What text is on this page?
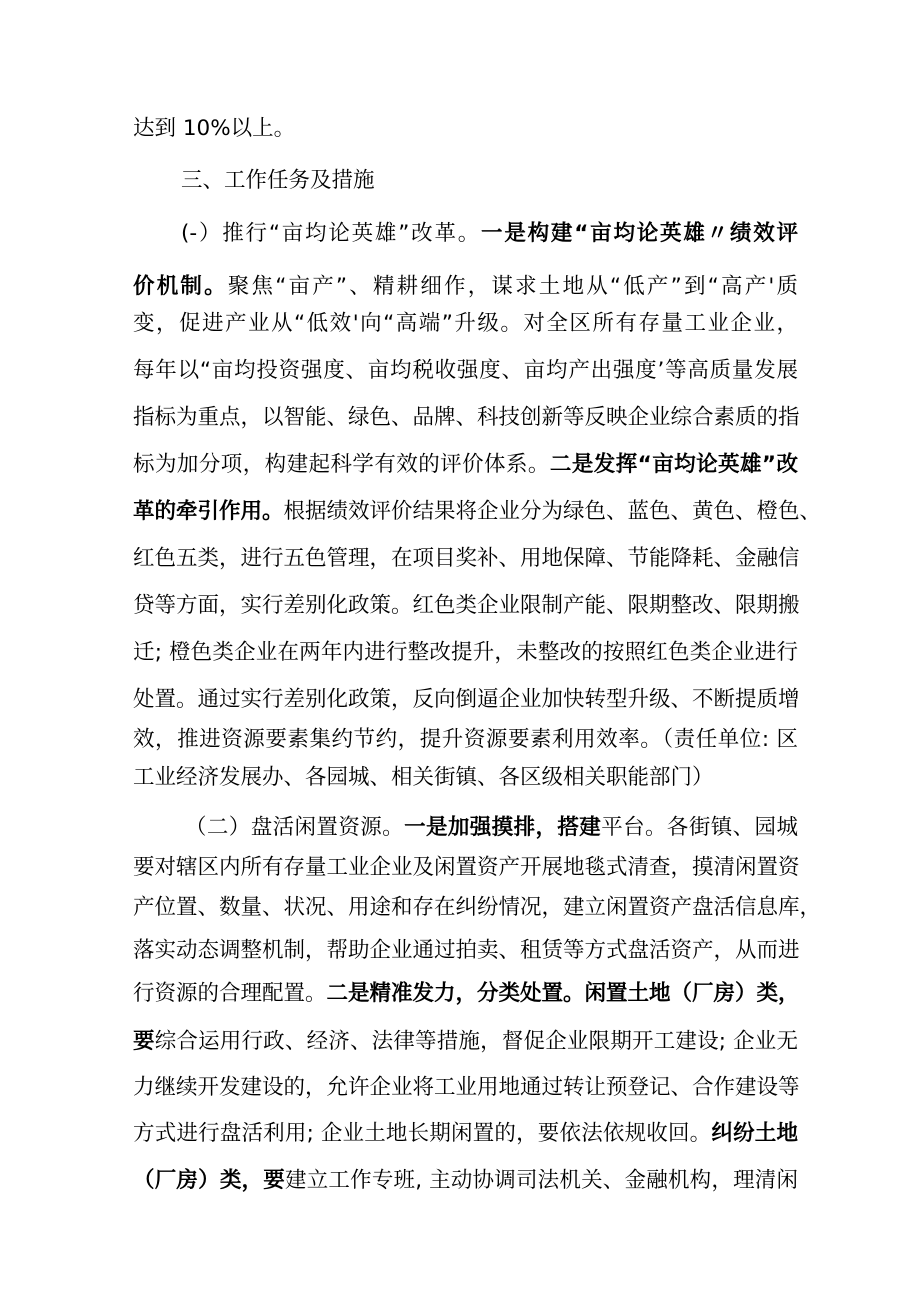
达到 10%以上。
三、工作任务及措施
(-）推行“亩均论英雄”改革。一是构建“亩均论英雄〃绩效评
价机制。聚焦“亩产”、精耕细作，谋求土地从“低产”到“高产'质
变，促进产业从“低效'向“高端”升级。对全区所有存量工业企业，
每年以“亩均投资强度、亩均税收强度、亩均产出强度’等高质量发展
指标为重点，以智能、绿色、品牌、科技创新等反映企业综合素质的指
标为加分项，构建起科学有效的评价体系。二是发挥“亩均论英雄”改
革的牵引作用。根据绩效评价结果将企业分为绿色、蓝色、黄色、橙色、
红色五类，进行五色管理，在项目奖补、用地保障、节能降耗、金融信
贷等方面，实行差别化政策。红色类企业限制产能、限期整改、限期搬
迁; 橙色类企业在两年内进行整改提升，未整改的按照红色类企业进行
处置。通过实行差别化政策，反向倒逼企业加快转型升级、不断提质增
效，推进资源要素集约节约，提升资源要素利用效率。（责任单位: 区
工业经济发展办、各园城、相关街镇、各区级相关职能部门）
（二）盘活闲置资源。一是加强摸排，搭建平台。各街镇、园城
要对辖区内所有存量工业企业及闲置资产开展地毯式清查，摸清闲置资
产位置、数量、状况、用途和存在纠纷情况，建立闲置资产盘活信息库，
落实动态调整机制，帮助企业通过拍卖、租赁等方式盘活资产，从而进
行资源的合理配置。二是精准发力，分类处置。闲置土地（厂房）类，
要综合运用行政、经济、法律等措施，督促企业限期开工建设; 企业无
力继续开发建设的，允许企业将工业用地通过转让预登记、合作建设等
方式进行盘活利用; 企业土地长期闲置的，要依法依规收回。纠纷土地
（厂房）类，要建立工作专班, 主动协调司法机关、金融机构，理清闲
